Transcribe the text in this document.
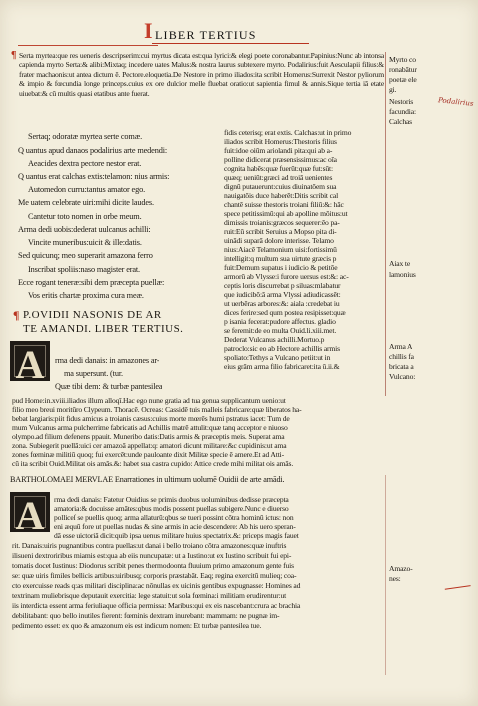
I LIBER TERTIUS
¶ Serta myrtea:que res ueneris descripserim:cui myrtus dicata est:qua lyrici:& elegi poete coronabantur.Papinius:Nunc ab intonsa capienda myrto Serta:& alibi:Mixtaq; incedere uates Malus:& nostra laurus subtexere myrto. Podalirius:fuit Aesculapii filius:& frater machaonis:ut antea dictum ē. Pectore.eloquetia.De Nestore in primo iliados:ita scribit Homerus:Surrexit Nestor pyliorum & impio & fœcundia longe princeps.cuius ex ore dulcior melle fluebat oratio:ut sapientia fimul & annis.Sique tertia iā etate uiuebat:& cū multis quasi etatibus ante fuerat.
Sertaq; odoratæ myrtea serte comæ.
Q uantus apud danaos podalirius arte medendi:
Aeacides dextra pectore nestor erat.
Q uantus erat calchas extis:telamon: nius armis:
Automedon curru:tantus amator ego.
Me uatem celebrate uiri:mihi dicite laudes.
Cantetur toto nomen in orbe meum.
Arma dedi uobis:dederat uulcanus achilli:
Vincite muneribus:uicit & ille:datis.
Sed quicunq; meo superarit amazona ferro
Inscribat spoliis:naso magister erat.
Ecce rogant teneræ:sibi dem præcepta puellæ:
Vos eritis chartæ proxima cura meæ.
fidis ceterisq; erat extis. Calchas:ut in primo
iliados scribit Homerus:Thestoris filius
fuit:idoe oiūm ariolandi pita:qui ab a-
polline didicerat præsensissimus:ac oīa
cognita habēs:quæ fuerūt:quæ fut:sūt:
quæq; ueniūt:græci ad troiā uenientes
dignū putauerunt:cuius diuinatōem sua
nauigatōis duce haberēt:Ditis scribit cal
chantē suisse thestoris troiani filiū:&: hāc
spece petitissimū:qui ab apolline mōitus:ut
dimissis troianis:græcos sequerer:ēo pa-
ruit:Eū scribit Seruius a Mopso pita di-
uinādi suparā dolore interisse. Telamo
nius:Aiacē Telamonium uisi:fortissimū
intelligit:q multum sua uirtute græcis p
fuit:Demum supatus i iudicio & petitōe
armorū ab Vlysse:i furore uersus est:&: ac-
ceptis loris discurrebat p siluas:mlabatur
que iudicibō:ā arma Vlyssi adiudicassēt:
ut uerbēras arbores:&: aiala :credebat iu
dices ferire:sed qum postea resipisset:quæ
p isania fecerat:pudore affectus. gladio
se feremit:de eo multa Ouid.li.xiii.met.
Dederat Vulcanus achilli.Mortuo.p
patroclo:sic eo ab Hectore achillis armis
spoliato:Tethys a Vulcano petiit:ut in
eius grām arma filio fabricaret:ita ū.ii.&
Myrto co
ronabātur
poetæ ele
gi.
Nestoris
facundia:
Calchas
Aiax te
lamonius
Arma A
chillis fa
bricata a
Vulcano:
Amazo-
nes:
Podalirius
¶ P.OVIDII NASONIS DE AR
TE AMANDI. LIBER TERTIUS.
A	rma dedi danais: in amazones ar-
ma supersunt. (tur.
Quæ tibi dem: & turbæ pantesilea
pud Home:in.xviii.iliados illum alloqī.Hac ego nune gratia ad tua genua supplicantum uenio:ut
filio meo breui moritūro Clypeum. Thoracē. Ocreas: Cassidē tuis malleis fabricare:quæ liberatos ha-
bebat largiaris:piit fidus amicus a troianis cæsus:cuius morte mœrēs humi pstratus iacet: Tum de
mum Vulcanus arma pulcherrime fabricatis ad Achillis matrē attulit:quæ tanq acceptor e niuoso
olympo.ad filium defenens ppauit. Muneribo datis:Datis armis & præceptis meis. Superat ama
zona. Subiegerit puellā:uici cer amazoā appellat:q: amatori dicunt militare:&c cupidinis:ut ama
zones fœminæ militiū quoq; fui exercēt:unde pauloante dixit Militæ specie ē amere.Et ad Atti-
cū ita scribit Ouid.Militat ois amās.&: habet sua castra cupido: Attice crede mihi militat ois amās.
BARTHOLOMAEI MERVLAE Enarrationes in ultimum uolumē Ouidii de arte amādi.
A	rma dedi danais: Fatetur Ouidius se primis duobus uoluminibus dedisse præcepta
amatoria:& docuisse amātes:qbus modis possent puellas subigere.Nunc e diuerso
polliceſ se puellis quoq; arma allaturū:qbus se tueri possint cōtra hominū ictus: non
eni æquū fore ut puellas nudas & sine armis in acie descendere: Ab his uero speran-
dā esse uictoriā dicit:quib ipsa uenus militare huius spectatrix.&: priceps magis fauet
rit. Danais:uiris pugnantibus contra puellas:ut danai i bello troiano cōtra amazones:quæ inuftris
ilisueni dextroriribus miamis est:qua ab eiis nuncupatæ: ut a Iustino:ut ex Iustino scribuit fui epi-
tomatis docet Iustinus: Diodorus scribit penes thermodoonta fluuium primo amazonum gente fuis
se: quæ uiris fimiles bellicis artibus:uiribusq; corporis præstabāt. Eaq; regina exercitū mulieq; coa-
cto exercuisse reads q:as militari disciplina:ac nōnullas ex uicinis gentibus expugnasse: Homines ad
textrinam muliebrisque deputauit exercitia: lege statuit:ut sola fœmina:i militiam erudirentur:ut
iis interdicta essent arma feriuliaque officia permissa: Maribus:qui ex eis nascebant:crura ac brachia
debilitabant: quo bello inutiles fierent: fœminis dextram inurebant: mammam: ne pugnæ im-
pedimento esset: ex quo & amazonum eis est indicum nomen: Et turbæ pantesilea tue.
